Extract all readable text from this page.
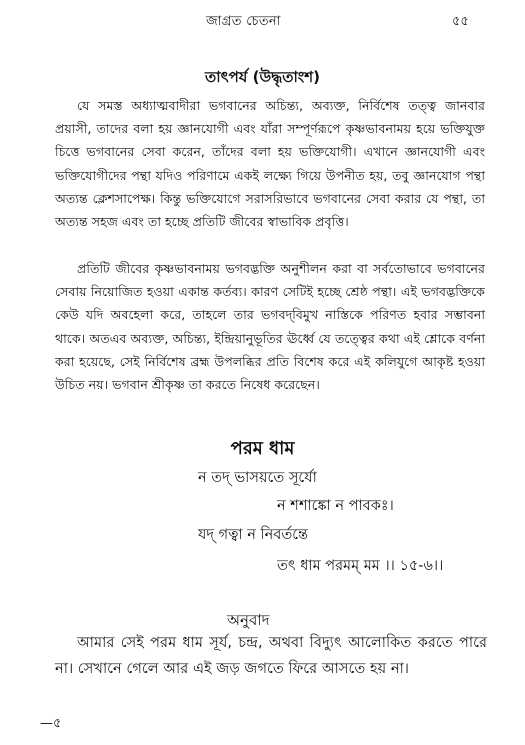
জাগ্রত চেতনা	৫৫
তাৎপর্য (উদ্ধৃতাংশ)

যে সমস্ত অধ্যাত্মবাদীরা ভগবানের অচিন্ত্য, অব্যক্ত, নির্বিশেষ তত্ত্ব জানবার প্রয়াসী, তাদের বলা হয় জ্ঞানযোগী এবং যাঁরা সম্পূর্ণরূপে কৃষ্ণভাবনাময় হয়ে ভক্তিযুক্ত চিত্তে ভগবানের সেবা করেন, তাঁদের বলা হয় ভক্তিযোগী। এখানে জ্ঞানযোগী এবং ভক্তিযোগীদের পন্থা যদিও পরিণামে একই লক্ষ্যে গিয়ে উপনীত হয়, তবু জ্ঞানযোগ পন্থা অত্যন্ত ক্লেশসাপেক্ষ। কিন্তু ভক্তিযোগে সরাসরিভাবে ভগবানের সেবা করার যে পন্থা, তা অত্যন্ত সহজ এবং তা হচ্ছে প্রতিটি জীবের স্বাভাবিক প্রবৃত্তি।

প্রতিটি জীবের কৃষ্ণভাবনাময় ভগবদ্ভক্তি অনুশীলন করা বা সর্বতোভাবে ভগবানের সেবায় নিয়োজিত হওয়া একান্ত কর্তব্য। কারণ সেটিই হচ্ছে শ্রেষ্ঠ পন্থা। এই ভগবদ্ভক্তিকে কেউ যদি অবহেলা করে, তাহলে তার ভগবদ্‌বিমুখ নাস্তিকে পরিণত হবার সম্ভাবনা থাকে। অতএব অব্যক্ত, অচিন্ত্য, ইন্দ্রিয়ানুভূতির ঊর্ধ্বে যে তত্ত্বের কথা এই শ্লোকে বর্ণনা করা হয়েছে, সেই নির্বিশেষ ব্রহ্ম উপলব্ধির প্রতি বিশেষ করে এই কলিযুগে আকৃষ্ট হওয়া উচিত নয়। ভগবান শ্রীকৃষ্ণ তা করতে নিষেধ করেছেন।

পরম ধাম
ন তদ্‌ ভাসয়তে সূর্যো
ন শশাঙ্কো ন পাবকঃ।
যদ্‌ গত্বা ন নিবর্তন্তে
তৎ ধাম পরমম্‌ মম ।। ১৫-৬।।
অনুবাদ

আমার সেই পরম ধাম সূর্য, চন্দ্র, অথবা বিদ্যুৎ আলোকিত করতে পারে না। সেখানে গেলে আর এই জড় জগতে ফিরে আসতে হয় না।

—৫
